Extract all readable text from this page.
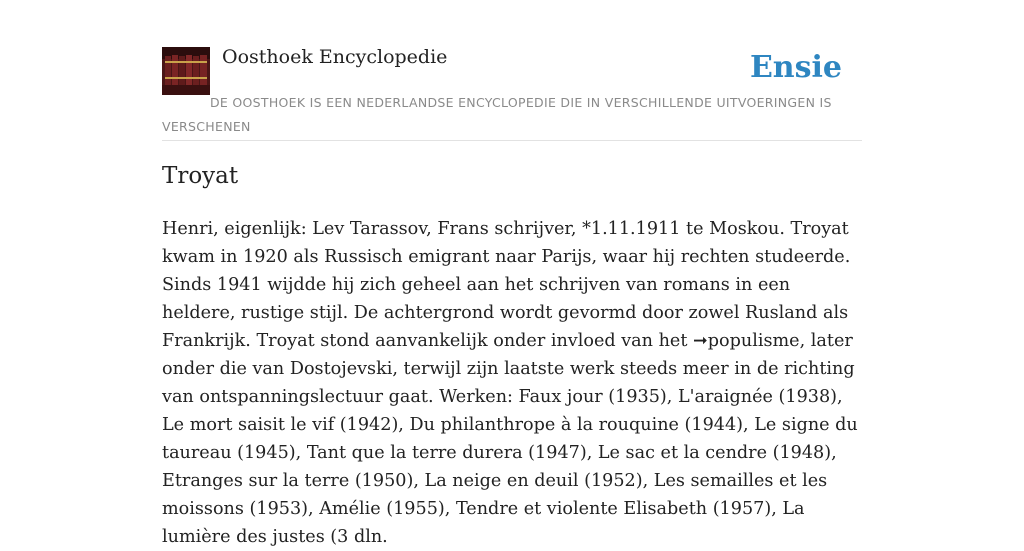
Oosthoek Encyclopedie	Ensie
DE OOSTHOEK IS EEN NEDERLANDSE ENCYCLOPEDIE DIE IN VERSCHILLENDE UITVOERINGEN IS VERSCHENEN
Troyat

Henri, eigenlijk: Lev Tarassov, Frans schrijver, *1.11.1911 te Moskou. Troyat kwam in 1920 als Russisch emigrant naar Parijs, waar hij rechten studeerde. Sinds 1941 wijdde hij zich geheel aan het schrijven van romans in een heldere, rustige stijl. De achtergrond wordt gevormd door zowel Rusland als Frankrijk. Troyat stond aanvankelijk onder invloed van het ➞populisme, later onder die van Dostojevski, terwijl zijn laatste werk steeds meer in de richting van ontspanningslectuur gaat. Werken: Faux jour (1935), L'araignée (1938), Le mort saisit le vif (1942), Du philanthrope à la rouquine (1944), Le signe du taureau (1945), Tant que la terre durera (1947), Le sac et la cendre (1948), Etranges sur la terre (1950), La neige en deuil (1952), Les semailles et les moissons (1953), Amélie (1955), Tendre et violente Elisabeth (1957), La lumière des justes (3 dln.
